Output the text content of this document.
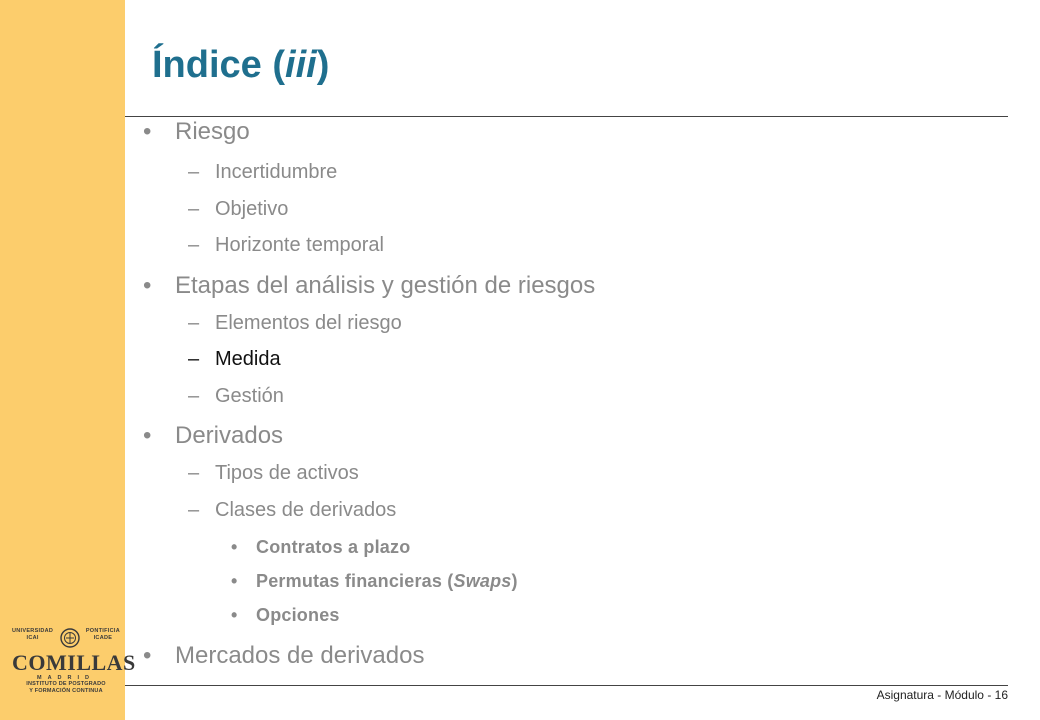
UNIVERSIDAD
ICAI
PONTIFICIA
ICADE
COMILLAS
MADRID
INSTITUTO DE POSTGRADO
Y FORMACIÓN CONTINUA
Índice (iii)
• Riesgo
– Incertidumbre
– Objetivo
– Horizonte temporal
• Etapas del análisis y gestión de riesgos
– Elementos del riesgo
– Medida
– Gestión
• Derivados
– Tipos de activos
– Clases de derivados
• Contratos a plazo
• Permutas financieras (Swaps)
• Opciones
• Mercados de derivados
Asignatura - Módulo - 16
